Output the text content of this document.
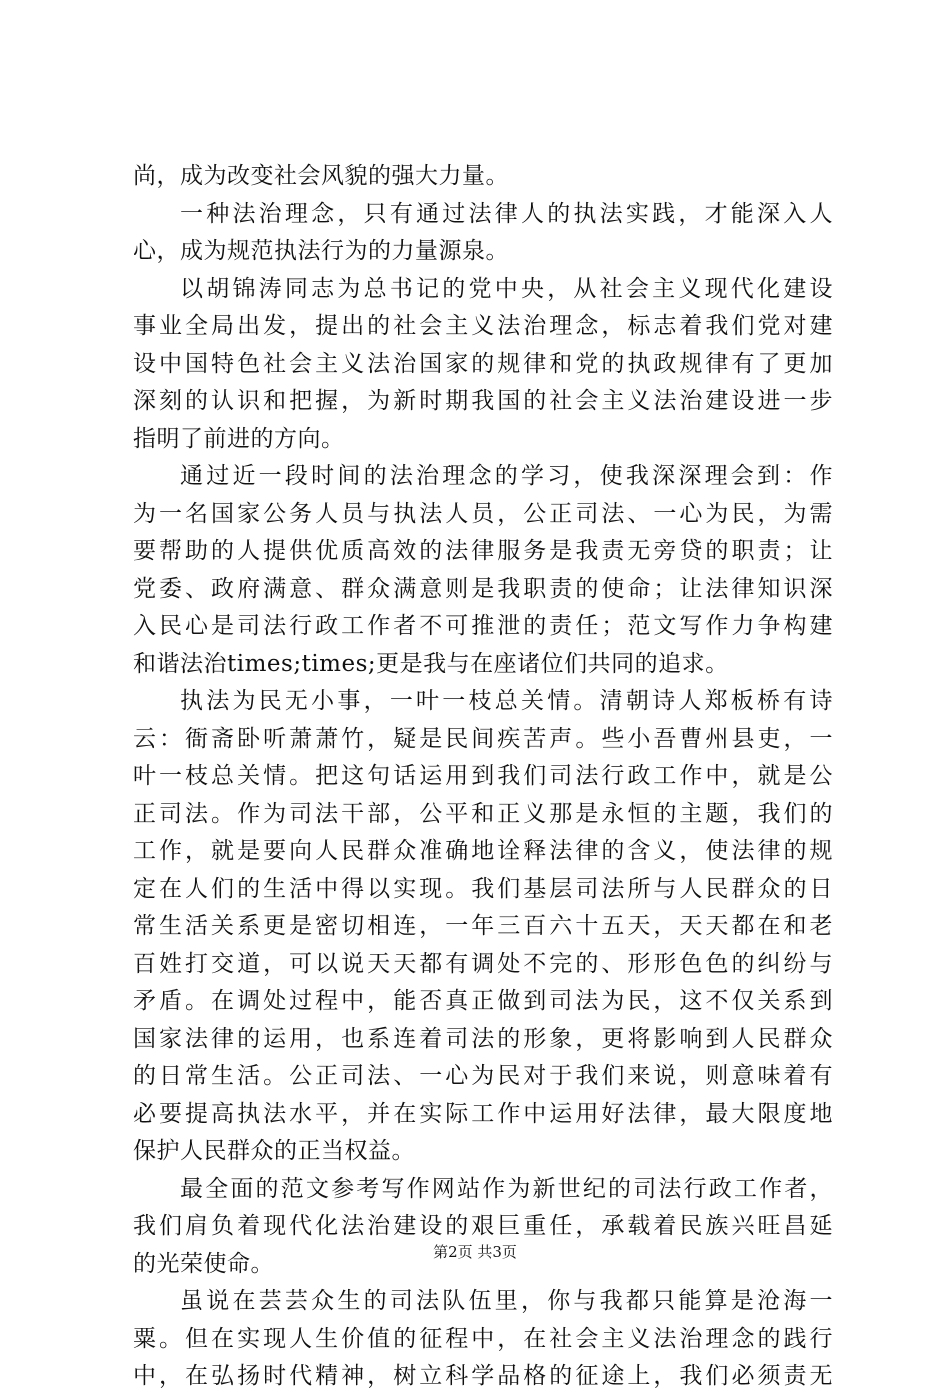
尚，成为改变社会风貌的强大力量。
一种法治理念，只有通过法律人的执法实践，才能深入人
心，成为规范执法行为的力量源泉。
以胡锦涛同志为总书记的党中央，从社会主义现代化建设
事业全局出发，提出的社会主义法治理念，标志着我们党对建
设中国特色社会主义法治国家的规律和党的执政规律有了更加
深刻的认识和把握，为新时期我国的社会主义法治建设进一步
指明了前进的方向。
通过近一段时间的法治理念的学习，使我深深理会到：作
为一名国家公务人员与执法人员，公正司法、一心为民，为需
要帮助的人提供优质高效的法律服务是我责无旁贷的职责；让
党委、政府满意、群众满意则是我职责的使命；让法律知识深
入民心是司法行政工作者不可推泄的责任；范文写作力争构建
和谐法治times;times;更是我与在座诸位们共同的追求。
执法为民无小事，一叶一枝总关情。清朝诗人郑板桥有诗
云：衙斋卧听萧萧竹，疑是民间疾苦声。些小吾曹州县吏，一
叶一枝总关情。把这句话运用到我们司法行政工作中，就是公
正司法。作为司法干部，公平和正义那是永恒的主题，我们的
工作，就是要向人民群众准确地诠释法律的含义，使法律的规
定在人们的生活中得以实现。我们基层司法所与人民群众的日
常生活关系更是密切相连，一年三百六十五天，天天都在和老
百姓打交道，可以说天天都有调处不完的、形形色色的纠纷与
矛盾。在调处过程中，能否真正做到司法为民，这不仅关系到
国家法律的运用，也系连着司法的形象，更将影响到人民群众
的日常生活。公正司法、一心为民对于我们来说，则意味着有
必要提高执法水平，并在实际工作中运用好法律，最大限度地
保护人民群众的正当权益。
最全面的范文参考写作网站作为新世纪的司法行政工作者，
我们肩负着现代化法治建设的艰巨重任，承载着民族兴旺昌延
的光荣使命。
虽说在芸芸众生的司法队伍里，你与我都只能算是沧海一
粟。但在实现人生价值的征程中，在社会主义法治理念的践行
中，在弘扬时代精神，树立科学品格的征途上，我们必须责无
第2页 共3页
